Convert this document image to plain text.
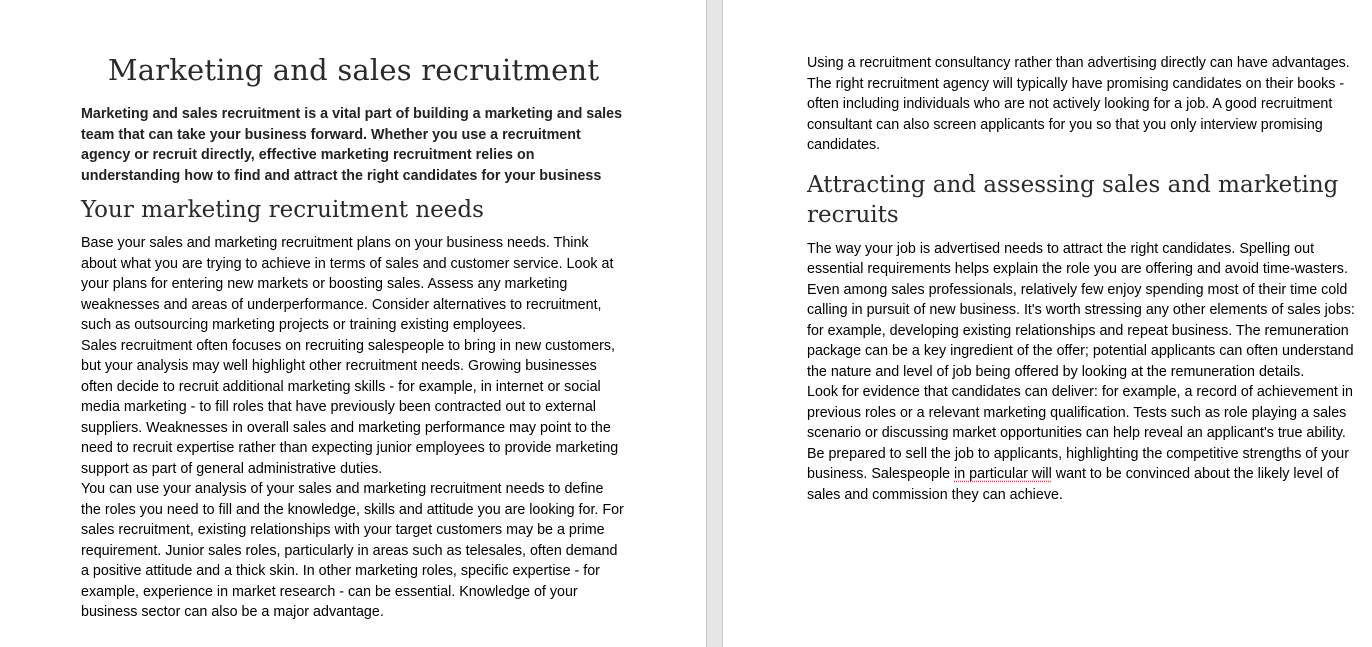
Marketing and sales recruitment

Marketing and sales recruitment is a vital part of building a marketing and sales team that can take your business forward. Whether you use a recruitment agency or recruit directly, effective marketing recruitment relies on understanding how to find and attract the right candidates for your business

Your marketing recruitment needs

Base your sales and marketing recruitment plans on your business needs. Think about what you are trying to achieve in terms of sales and customer service. Look at your plans for entering new markets or boosting sales. Assess any marketing weaknesses and areas of underperformance. Consider alternatives to recruitment, such as outsourcing marketing projects or training existing employees.

Sales recruitment often focuses on recruiting salespeople to bring in new customers, but your analysis may well highlight other recruitment needs. Growing businesses often decide to recruit additional marketing skills - for example, in internet or social media marketing - to fill roles that have previously been contracted out to external suppliers. Weaknesses in overall sales and marketing performance may point to the need to recruit expertise rather than expecting junior employees to provide marketing support as part of general administrative duties.

You can use your analysis of your sales and marketing recruitment needs to define the roles you need to fill and the knowledge, skills and attitude you are looking for. For sales recruitment, existing relationships with your target customers may be a prime requirement. Junior sales roles, particularly in areas such as telesales, often demand a positive attitude and a thick skin. In other marketing roles, specific expertise - for example, experience in market research - can be essential. Knowledge of your business sector can also be a major advantage.

Using a recruitment consultancy rather than advertising directly can have advantages. The right recruitment agency will typically have promising candidates on their books - often including individuals who are not actively looking for a job. A good recruitment consultant can also screen applicants for you so that you only interview promising candidates.

Attracting and assessing sales and marketing recruits

The way your job is advertised needs to attract the right candidates. Spelling out essential requirements helps explain the role you are offering and avoid time-wasters.

Even among sales professionals, relatively few enjoy spending most of their time cold calling in pursuit of new business. It's worth stressing any other elements of sales jobs: for example, developing existing relationships and repeat business. The remuneration package can be a key ingredient of the offer; potential applicants can often understand the nature and level of job being offered by looking at the remuneration details.

Look for evidence that candidates can deliver: for example, a record of achievement in previous roles or a relevant marketing qualification. Tests such as role playing a sales scenario or discussing market opportunities can help reveal an applicant's true ability.

Be prepared to sell the job to applicants, highlighting the competitive strengths of your business. Salespeople in particular will want to be convinced about the likely level of sales and commission they can achieve.
